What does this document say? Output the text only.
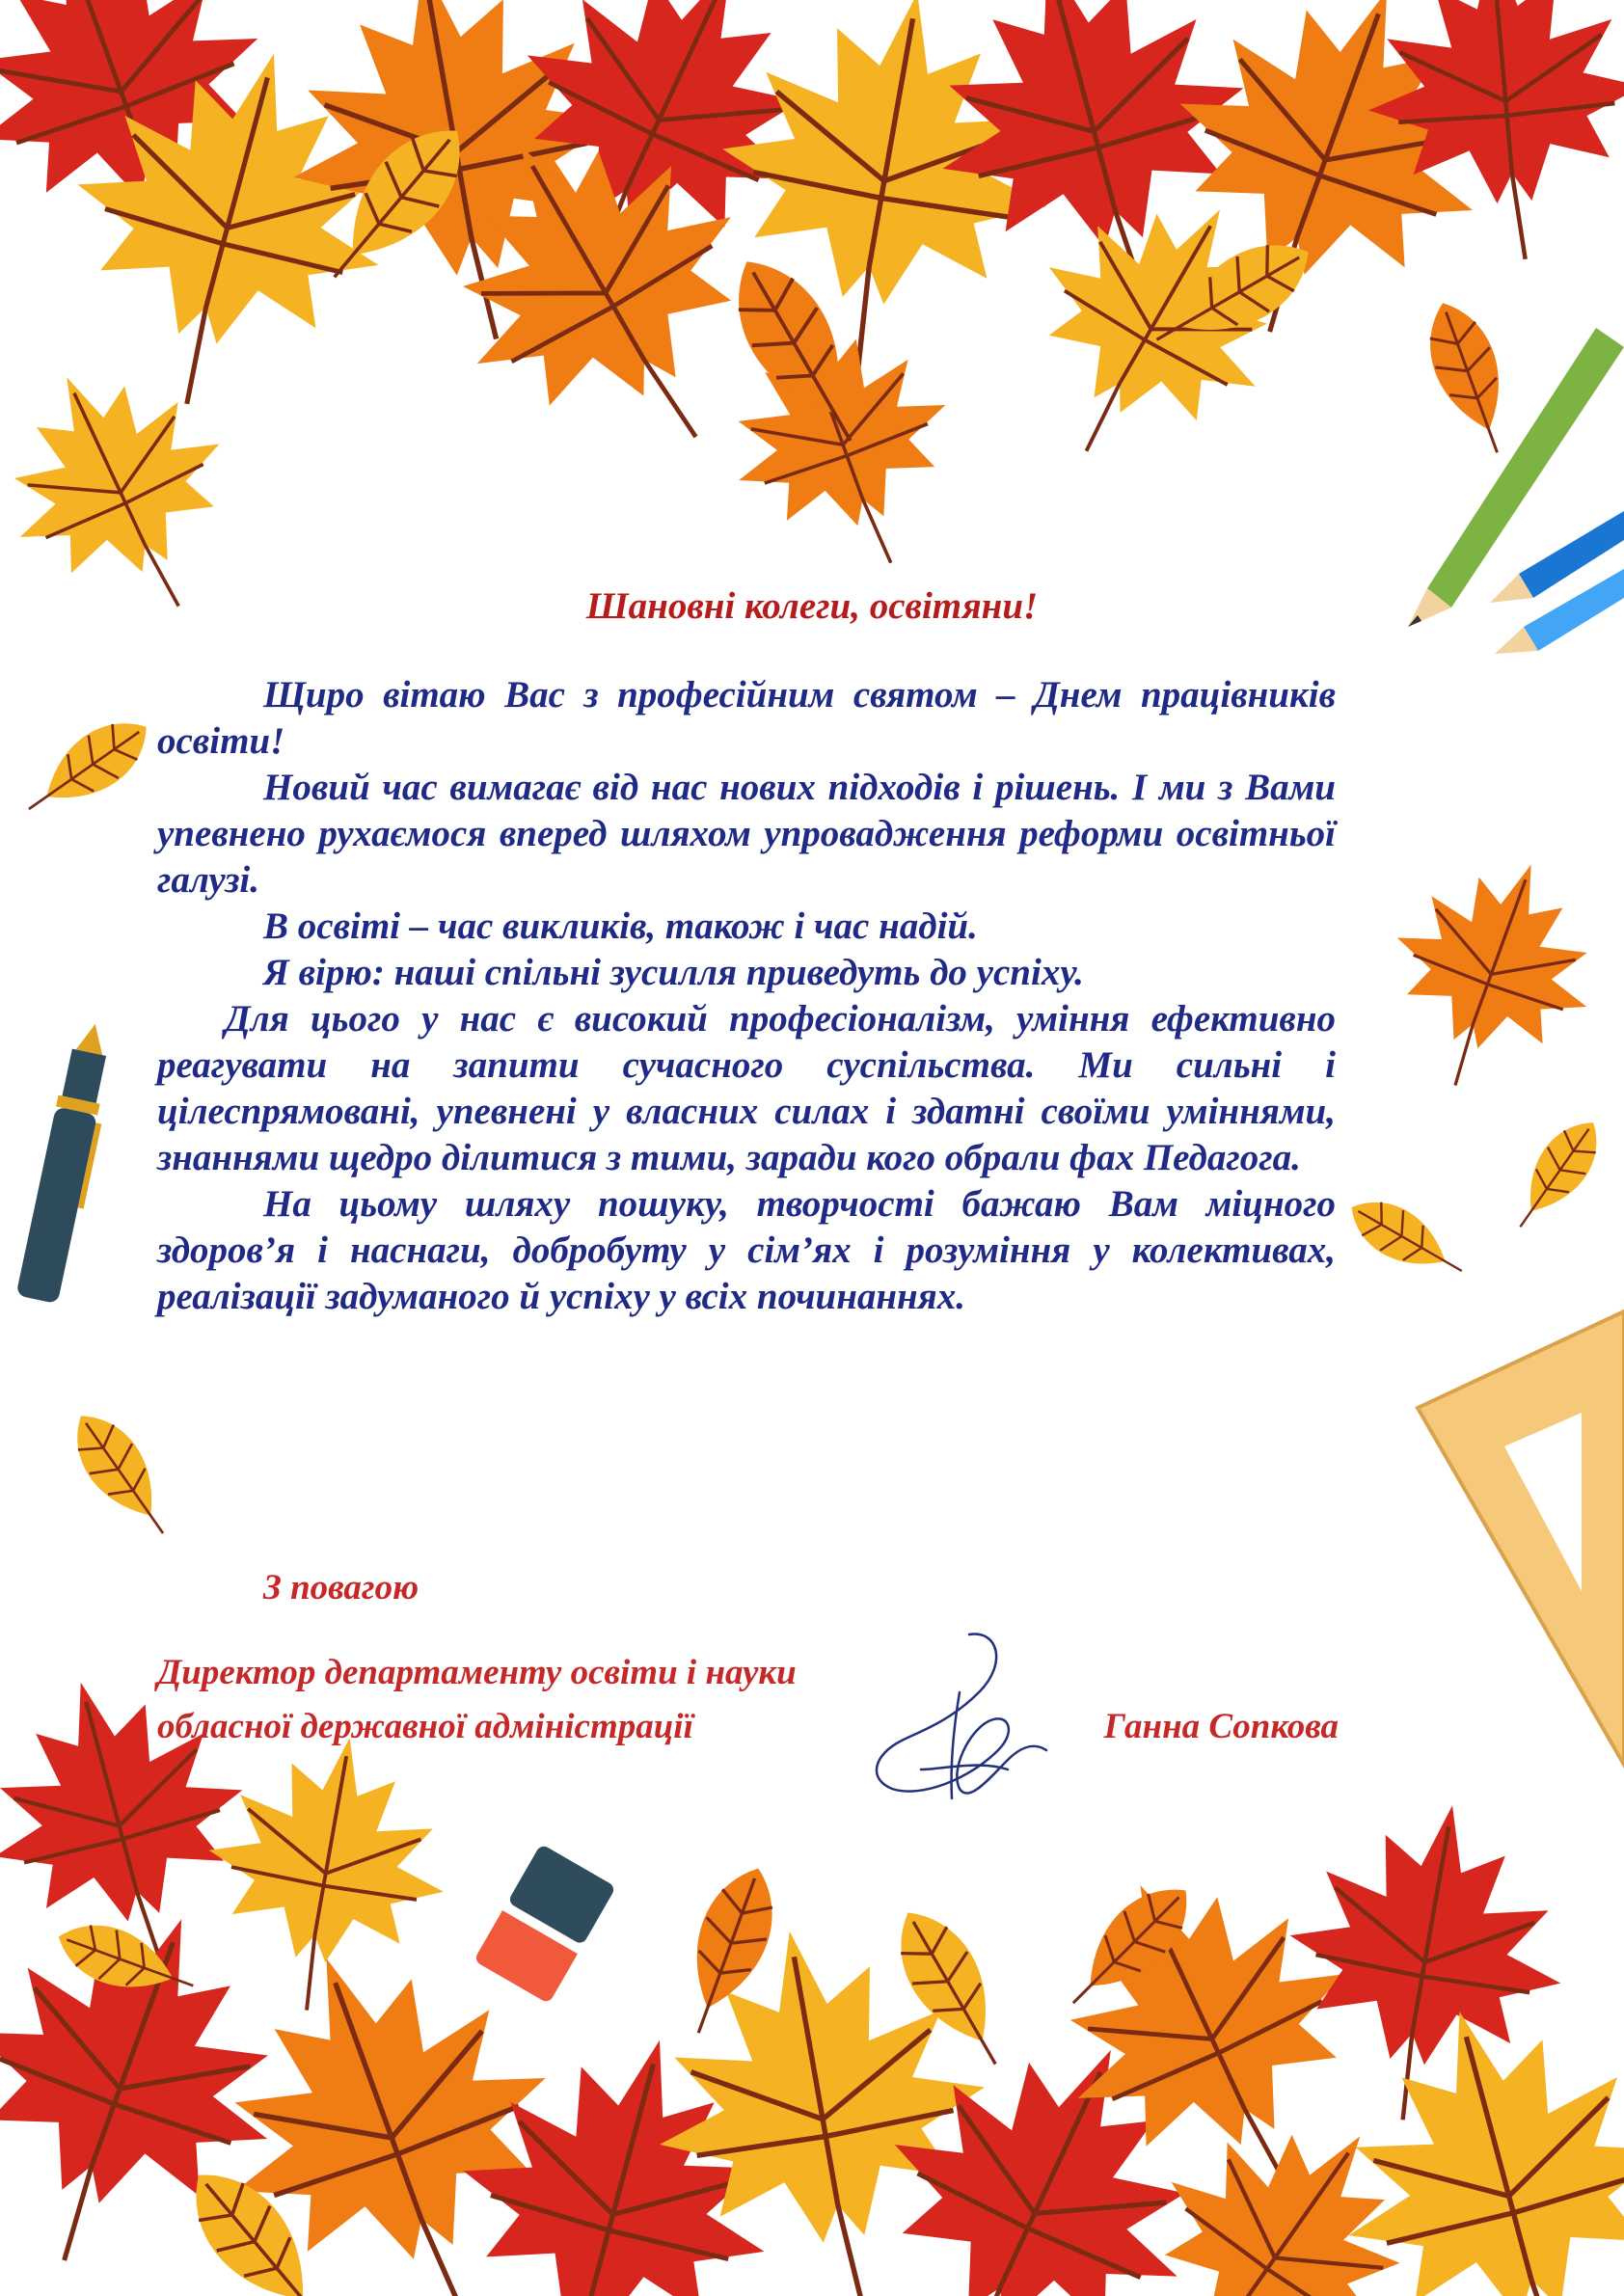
Шановні колеги, освітяни!

Щиро вітаю Вас з професійним святом – Днем працівників освіти!

Новий час вимагає від нас нових підходів і рішень. І ми з Вами упевнено рухаємося вперед шляхом упровадження реформи освітньої галузі.

В освіті – час викликів, також і час надій.

Я вірю: наші спільні зусилля приведуть до успіху.

Для цього у нас є високий професіоналізм, уміння ефективно реагувати на запити сучасного суспільства. Ми сильні і цілеспрямовані, упевнені у власних силах і здатні своїми уміннями, знаннями щедро ділитися з тими, заради кого обрали фах Педагога.

На цьому шляху пошуку, творчості бажаю Вам міцного здоров’я і наснаги, добробуту у сім’ях і розуміння у колективах, реалізації задуманого й успіху у всіх починаннях.

З повагою
Директор департаменту освіти і науки
обласної державної адміністрації	Ганна Сопкова
